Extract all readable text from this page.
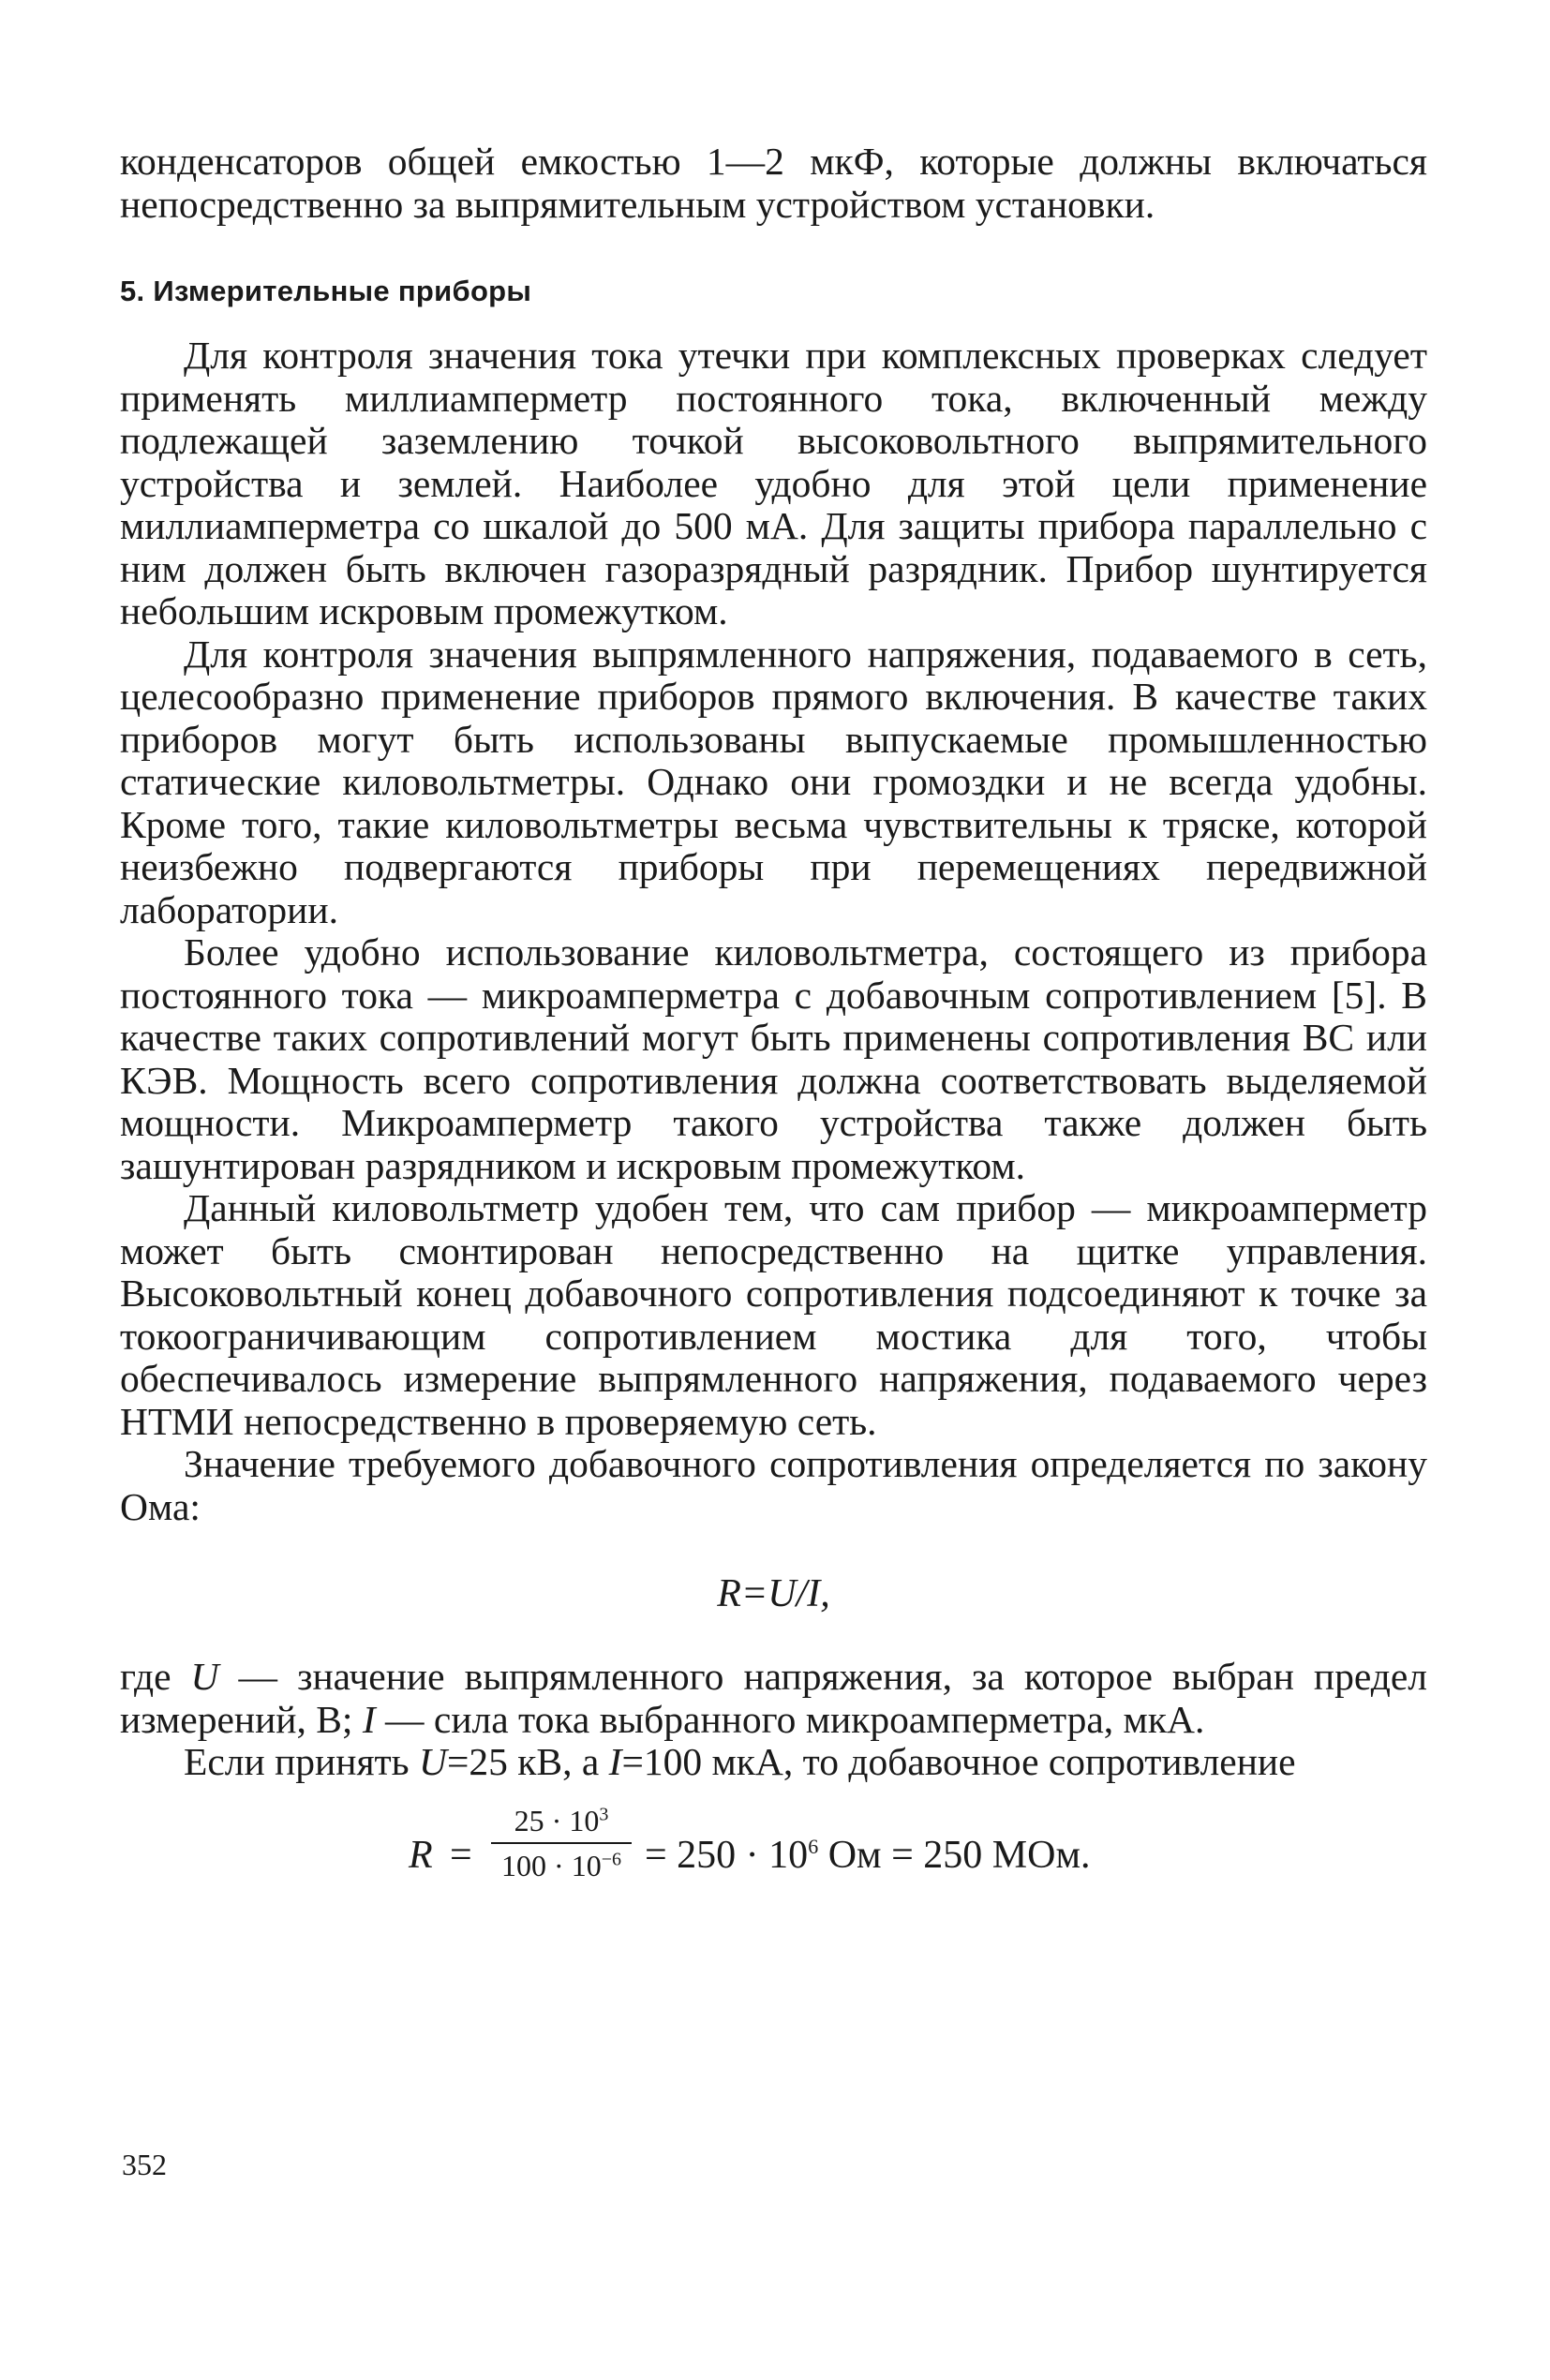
конденсаторов общей емкостью 1—2 мкФ, которые должны включаться непосредственно за выпрямительным устройством установки.

5. Измерительные приборы

Для контроля значения тока утечки при комплексных проверках следует применять миллиамперметр постоянного тока, включенный между подлежащей заземлению точкой высоковольтного выпрямительного устройства и землей. Наиболее удобно для этой цели применение миллиамперметра со шкалой до 500 мА. Для защиты прибора параллельно с ним должен быть включен газоразрядный разрядник. Прибор шунтируется небольшим искровым промежутком.

Для контроля значения выпрямленного напряжения, подаваемого в сеть, целесообразно применение приборов прямого включения. В качестве таких приборов могут быть использованы выпускаемые промышленностью статические киловольтметры. Однако они громоздки и не всегда удобны. Кроме того, такие киловольтметры весьма чувствительны к тряске, которой неизбежно подвергаются приборы при перемещениях передвижной лаборатории.

Более удобно использование киловольтметра, состоящего из прибора постоянного тока — микроамперметра с добавочным сопротивлением [5]. В качестве таких сопротивлений могут быть применены сопротивления ВС или КЭВ. Мощность всего сопротивления должна соответствовать выделяемой мощности. Микроамперметр такого устройства также должен быть зашунтирован разрядником и искровым промежутком.

Данный киловольтметр удобен тем, что сам прибор — микроамперметр может быть смонтирован непосредственно на щитке управления. Высоковольтный конец добавочного сопротивления подсоединяют к точке за токоограничивающим сопротивлением мостика для того, чтобы обеспечивалось измерение выпрямленного напряжения, подаваемого через НТМИ непосредственно в проверяемую сеть.

Значение требуемого добавочного сопротивления определяется по закону Ома:

R=U/I,

где U — значение выпрямленного напряжения, за которое выбран предел измерений, В; I — сила тока выбранного микроамперметра, мкА.

Если принять U=25 кВ, а I=100 мкА, то добавочное сопротивление

R =
$25 \cdot 10^3$
$100 \cdot 10^{-6} = 250 \cdot 10^6$ Ом = 250 МОм.
352
